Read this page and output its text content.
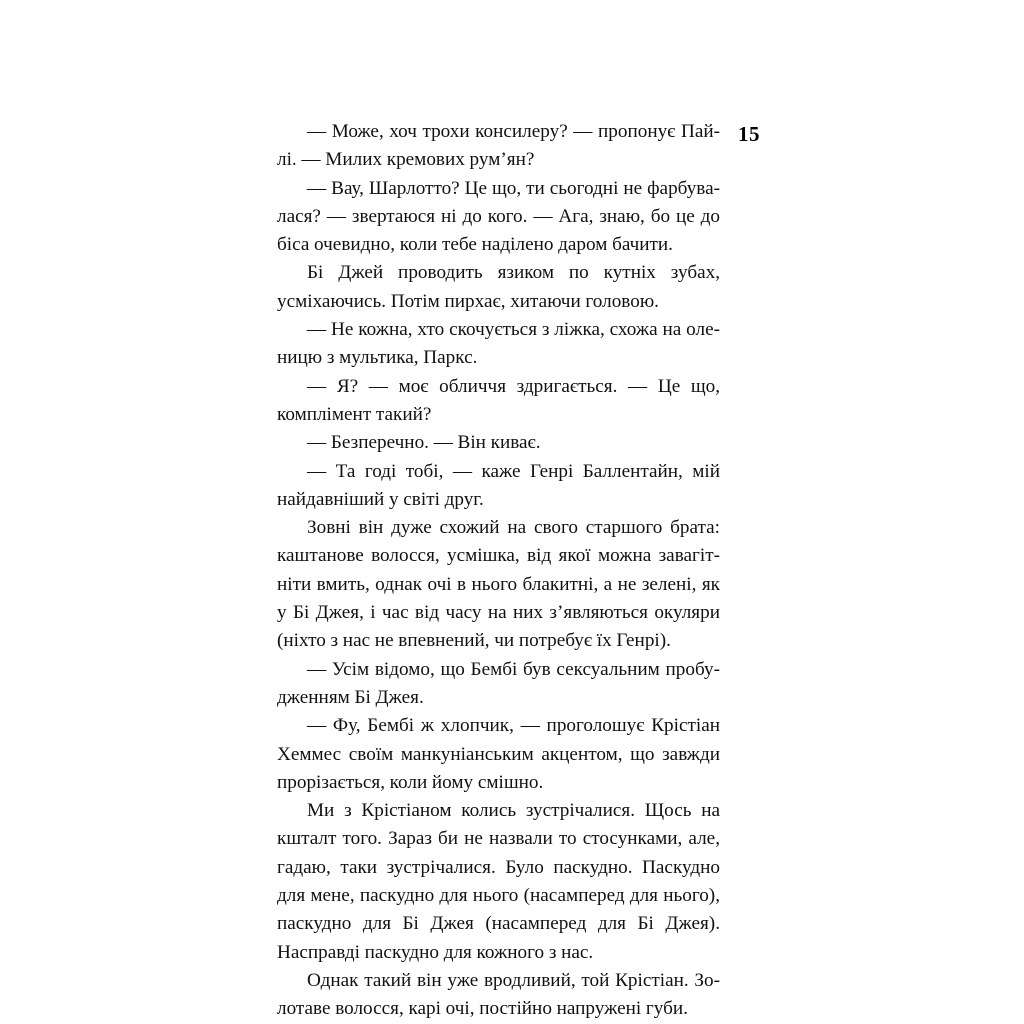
15

— Може, хоч трохи консилеру? — пропонує Пайлі. — Милих кремових рум’ян?

— Вау, Шарлотто? Це що, ти сьогодні не фарбувалася? — звертаюся ні до кого. — Ага, знаю, бо це до біса очевидно, коли тебе наділено даром бачити.

Бі Джей проводить язиком по кутніх зубах, усміхаючись. Потім пирхає, хитаючи головою.

— Не кожна, хто скочується з ліжка, схожа на оленицю з мультика, Паркс.

— Я? — моє обличчя здригається. — Це що, комплімент такий?

— Безперечно. — Він киває.

— Та годі тобі, — каже Генрі Баллентайн, мій найдавніший у світі друг.

Зовні він дуже схожий на свого старшого брата: каштанове волосся, усмішка, від якої можна завагітніти вмить, однак очі в нього блакитні, а не зелені, як у Бі Джея, і час від часу на них з’являються окуляри (ніхто з нас не впевнений, чи потребує їх Генрі).

— Усім відомо, що Бембі був сексуальним пробудженням Бі Джея.

— Фу, Бембі ж хлопчик, — проголошує Крістіан Хеммес своїм манкуніанським акцентом, що завжди прорізається, коли йому смішно.

Ми з Крістіаном колись зустрічалися. Щось на кшталт того. Зараз би не назвали то стосунками, але, гадаю, таки зустрічалися. Було паскудно. Паскудно для мене, паскудно для нього (насамперед для нього), паскудно для Бі Джея (насамперед для Бі Джея). Насправді паскудно для кожного з нас.

Однак такий він уже вродливий, той Крістіан. Золотаве волосся, карі очі, постійно напружені губи.
